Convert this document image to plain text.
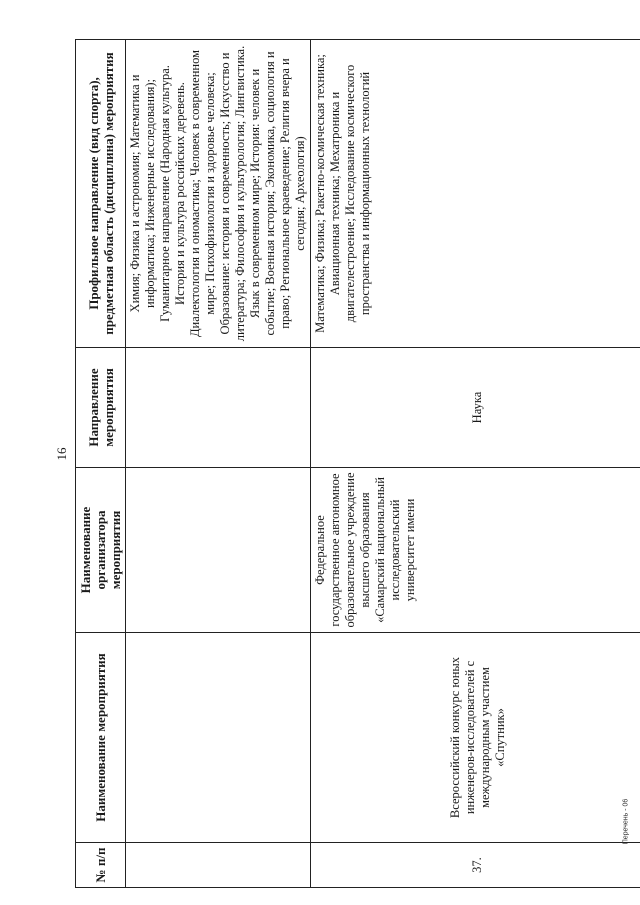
16
№ п/п	Наименование мероприятия	Наименование организатора мероприятия	Направление мероприятия	Профильное направление (вид спорта), предметная область (дисциплина) мероприятия
				Химия; Физика и астрономия; Математика и информатика; Инженерные исследования); Гуманитарное направление (Народная культура. История и культура российских деревень. Диалектология и ономастика; Человек в современном мире; Психофизиология и здоровье человека; Образование: история и современность; Искусство и литература; Философия и культурология; Лингвистика. Язык в современном мире; История: человек и событие; Военная история; Экономика, социология и право; Региональное краеведение; Религия вчера и сегодня; Археология)
37.	Всероссийский конкурс юных инженеров-исследователей с международным участием «Спутник»	Федеральное государственное автономное образовательное учреждение высшего образования «Самарский национальный исследовательский университет имени	Наука	Математика; Физика; Ракетно-космическая техника; Авиационная техника; Мехатроника и двигателестроение; Исследование космического пространства и информационных технологий
Перечень - 06
